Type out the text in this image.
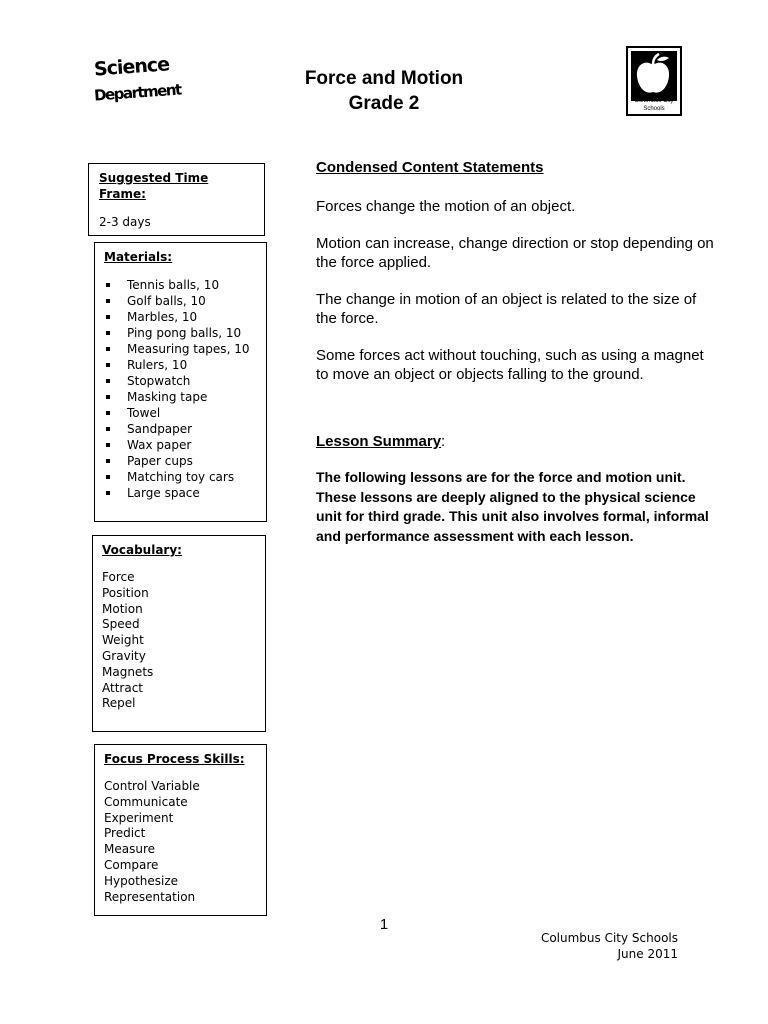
Science
Department	Columbus City Schools
Force and Motion
Grade 2
Suggested Time Frame:
2-3 days
Materials:
Tennis balls, 10
Golf balls, 10
Marbles, 10
Ping pong balls, 10
Measuring tapes, 10
Rulers, 10
Stopwatch
Masking tape
Towel
Sandpaper
Wax paper
Paper cups
Matching toy cars
Large space
Vocabulary:
Force
Position
Motion
Speed
Weight
Gravity
Magnets
Attract
Repel
Focus Process Skills:
Control Variable
Communicate
Experiment
Predict
Measure
Compare
Hypothesize
Representation
Condensed Content Statements

Forces change the motion of an object.

Motion can increase, change direction or stop depending on the force applied.

The change in motion of an object is related to the size of the force.

Some forces act without touching, such as using a magnet to move an object or objects falling to the ground.

Lesson Summary:

The following lessons are for the force and motion unit. These lessons are deeply aligned to the physical science unit for third grade. This unit also involves formal, informal and performance assessment with each lesson.

1
Columbus City Schools
June 2011
